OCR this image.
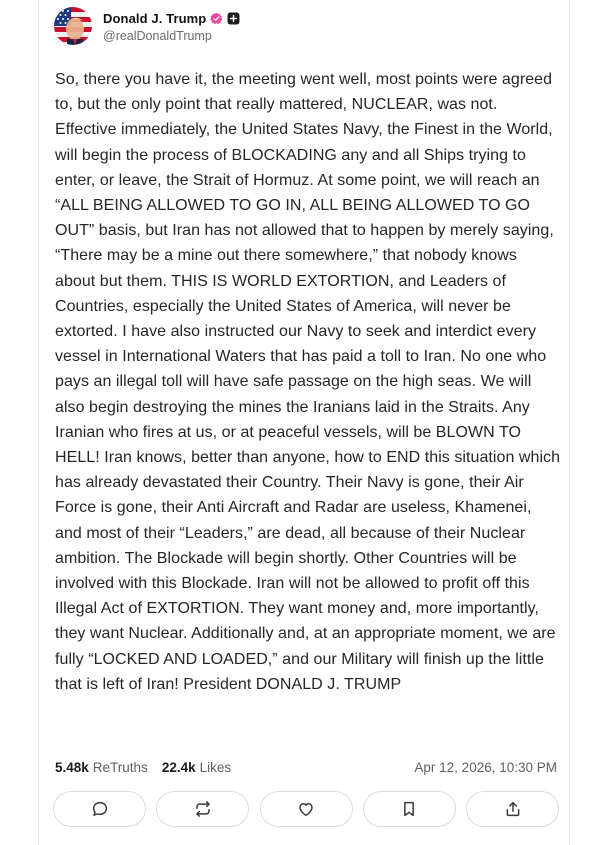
Donald J. Trump
@realDonaldTrump
So, there you have it, the meeting went well, most points were agreed to, but the only point that really mattered, NUCLEAR, was not. Effective immediately, the United States Navy, the Finest in the World, will begin the process of BLOCKADING any and all Ships trying to enter, or leave, the Strait of Hormuz. At some point, we will reach an “ALL BEING ALLOWED TO GO IN, ALL BEING ALLOWED TO GO OUT” basis, but Iran has not allowed that to happen by merely saying, “There may be a mine out there somewhere,” that nobody knows about but them. THIS IS WORLD EXTORTION, and Leaders of Countries, especially the United States of America, will never be extorted. I have also instructed our Navy to seek and interdict every vessel in International Waters that has paid a toll to Iran. No one who pays an illegal toll will have safe passage on the high seas. We will also begin destroying the mines the Iranians laid in the Straits. Any Iranian who fires at us, or at peaceful vessels, will be BLOWN TO HELL! Iran knows, better than anyone, how to END this situation which has already devastated their Country. Their Navy is gone, their Air Force is gone, their Anti Aircraft and Radar are useless, Khamenei, and most of their “Leaders,” are dead, all because of their Nuclear ambition. The Blockade will begin shortly. Other Countries will be involved with this Blockade. Iran will not be allowed to profit off this Illegal Act of EXTORTION. They want money and, more importantly, they want Nuclear. Additionally and, at an appropriate moment, we are fully “LOCKED AND LOADED,” and our Military will finish up the little that is left of Iran! President DONALD J. TRUMP
5.48k ReTruths 22.4k Likes	Apr 12, 2026, 10:30 PM
